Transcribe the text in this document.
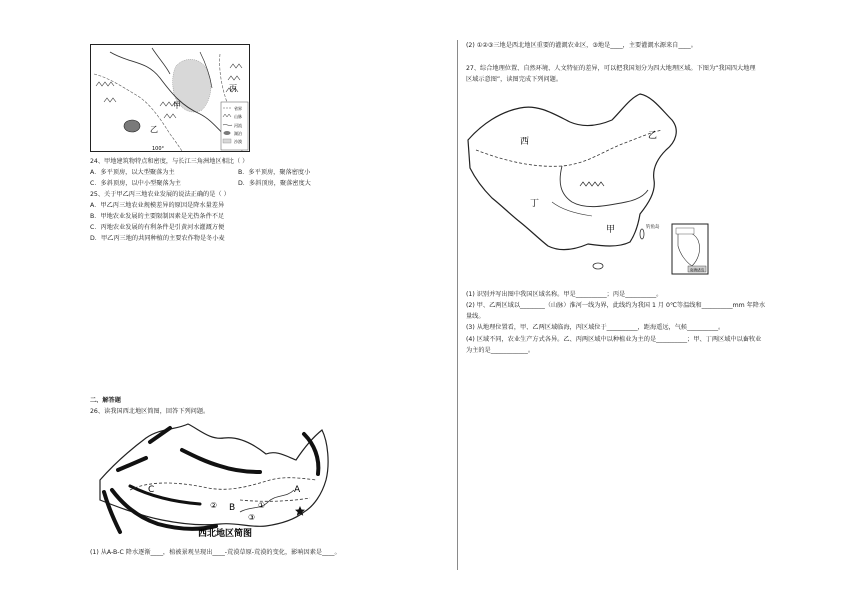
丙
甲
乙
100°
省界
山脉
河流
湖泊
沙漠
24、甲地建筑物特点和密度，与长江三角洲地区相比（ ）
A．多平顶房，以大型聚落为主	B．多平顶房，聚落密度小
C．多斜顶房，以中小型聚落为主	D．多斜顶房，聚落密度大
25、关于甲乙丙三地农业发展的说法正确的是（ ）
A．甲乙丙三地农业规模差异的原因是降水量差异
B．甲地农业发展的主要限制因素是光热条件不足
C．丙地农业发展的有利条件是引黄河水灌溉方便
D．甲乙丙三地的共同种植的主要农作物是冬小麦
二、解答题
26、读我国西北地区简图，回答下列问题。
C
B
A
②	①
③
西北地区简图
(1) 从A-B-C 降水逐渐____，植被景观呈现出____-荒漠草原-荒漠的变化，影响因素是____。
(2) ①②③三地是西北地区重要的灌溉农业区，③地是____，主要灌溉水源来自____。
27、综合地理位置、自然环境、人文特征的差异，可以把我国划分为四大地理区域。下图为“我国四大地理
区域示意图”，读图完成下列问题。
西
乙
丁
甲	钓鱼岛
南海诸岛
(1) 识别并写出图中我国区域名称。甲是__________；丙是__________。
(2) 甲、乙两区域以________（山脉）淮河一线为界，此线约为我国 1 月 0℃等温线和__________mm 年降水
量线。
(3) 从地理位置看，甲、乙两区域临海，丙区域位于__________，距海遥远，气候__________。
(4) 区域不同，农业生产方式各异。乙、丙两区域中以种植业为主的是__________；甲、丁两区域中以畜牧业
为主的是____________。
